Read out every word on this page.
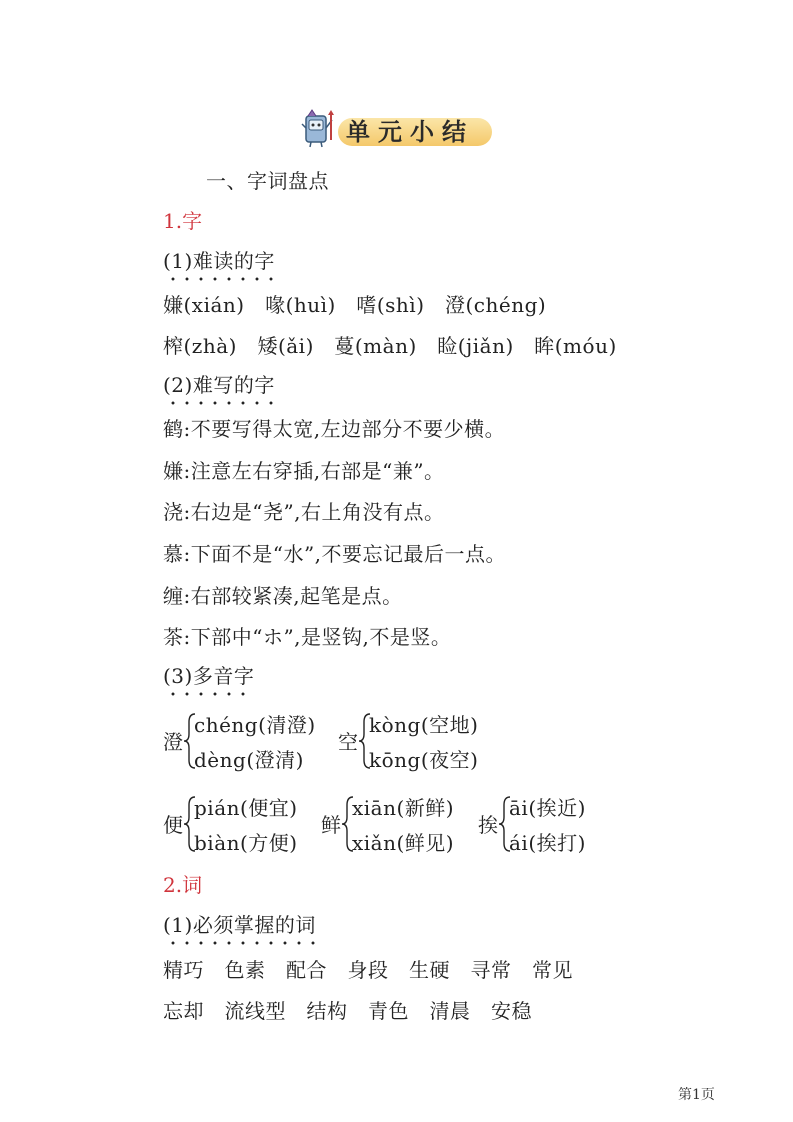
单元小结
一、字词盘点
1.字
(1)难读的字
嫌(xián)　喙(huì)　嗜(shì)　澄(chéng)
榨(zhà)　矮(ǎi)　蔓(màn)　睑(jiǎn)　眸(móu)
(2)难写的字
鹤:不要写得太宽,左边部分不要少横。
嫌:注意左右穿插,右部是“兼”。
浇:右边是“尧”,右上角没有点。
慕:下面不是“水”,不要忘记最后一点。
缠:右部较紧凑,起笔是点。
茶:下部中“ホ”,是竖钩,不是竖。
(3)多音字
澄
chéng(清澄)
dèng(澄清)
空
kòng(空地)
kōng(夜空)
便
pián(便宜)
biàn(方便)
鲜
xiān(新鲜)
xiǎn(鲜见)
挨
āi(挨近)
ái(挨打)
2.词
(1)必须掌握的词
精巧　色素　配合　身段　生硬　寻常　常见
忘却　流线型　结构　青色　清晨　安稳
第1页
